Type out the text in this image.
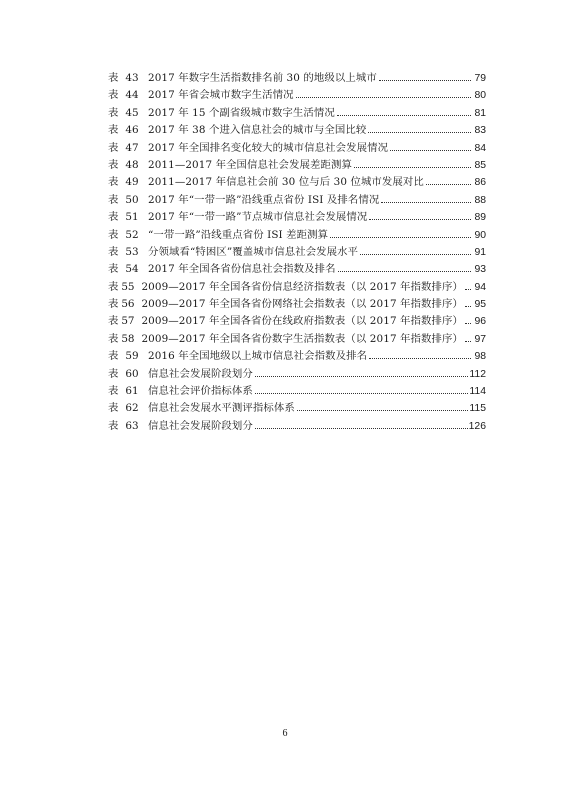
表 43 2017 年数字生活指数排名前 30 的地级以上城市	79
表 44 2017 年省会城市数字生活情况	80
表 45 2017 年 15 个副省级城市数字生活情况	81
表 46 2017 年 38 个进入信息社会的城市与全国比较	83
表 47 2017 年全国排名变化较大的城市信息社会发展情况	84
表 48 2011—2017 年全国信息社会发展差距测算	85
表 49 2011—2017 年信息社会前 30 位与后 30 位城市发展对比	86
表 50 2017 年“一带一路”沿线重点省份 ISI 及排名情况	88
表 51 2017 年“一带一路”节点城市信息社会发展情况	89
表 52 “一带一路”沿线重点省份 ISI 差距测算	90
表 53 分领域看“特困区”覆盖城市信息社会发展水平	91
表 54 2017 年全国各省份信息社会指数及排名	93
表 55 2009—2017 年全国各省份信息经济指数表（以 2017 年指数排序） 94
表 56 2009—2017 年全国各省份网络社会指数表（以 2017 年指数排序） 95
表 57 2009—2017 年全国各省份在线政府指数表（以 2017 年指数排序） 96
表 58 2009—2017 年全国各省份数字生活指数表（以 2017 年指数排序） 97
表 59 2016 年全国地级以上城市信息社会指数及排名	98
表 60 信息社会发展阶段划分	112
表 61 信息社会评价指标体系	114
表 62 信息社会发展水平测评指标体系	115
表 63 信息社会发展阶段划分	126
6
